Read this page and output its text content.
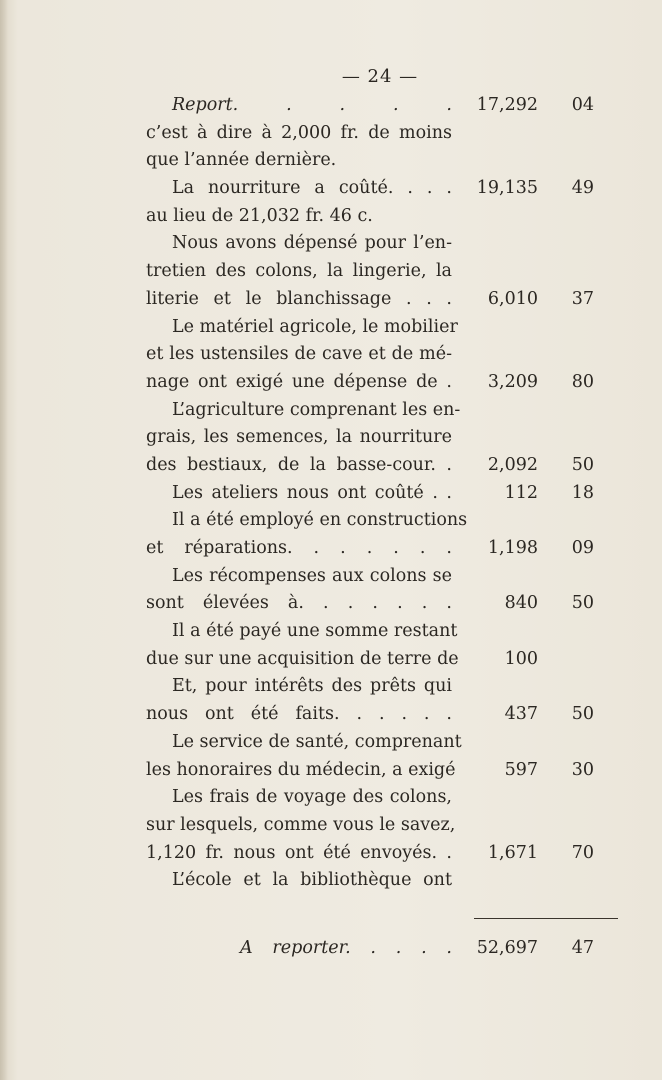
— 24 —
Report. . . . . 17,292	04
c’est à dire à 2,000 fr. de moins
que l’année dernière.
La nourriture a coûté. . . . 19,135	49
au lieu de 21,032 fr. 46 c.
Nous avons dépensé pour l’en-
tretien des colons, la lingerie, la
literie et le blanchissage . . .	6,010	37
Le matériel agricole, le mobilier
et les ustensiles de cave et de mé-
nage ont exigé une dépense de .	3,209	80
L’agriculture comprenant les en-
grais, les semences, la nourriture
des bestiaux, de la basse-cour. .	2,092	50
Les ateliers nous ont coûté . .	112	18
Il a été employé en constructions
et réparations. . . . . . .	1,198	09
Les récompenses aux colons se
sont élevées à. . . . . . .	840	50
Il a été payé une somme restant
due sur une acquisition de terre de	100
Et, pour intérêts des prêts qui
nous ont été faits. . . . . .	437	50
Le service de santé, comprenant
les honoraires du médecin, a exigé	597	30
Les frais de voyage des colons,
sur lesquels, comme vous le savez,
1,120 fr. nous ont été envoyés. .	1,671	70
L’école et la bibliothèque ont
A reporter. . . . . 52,697	47
